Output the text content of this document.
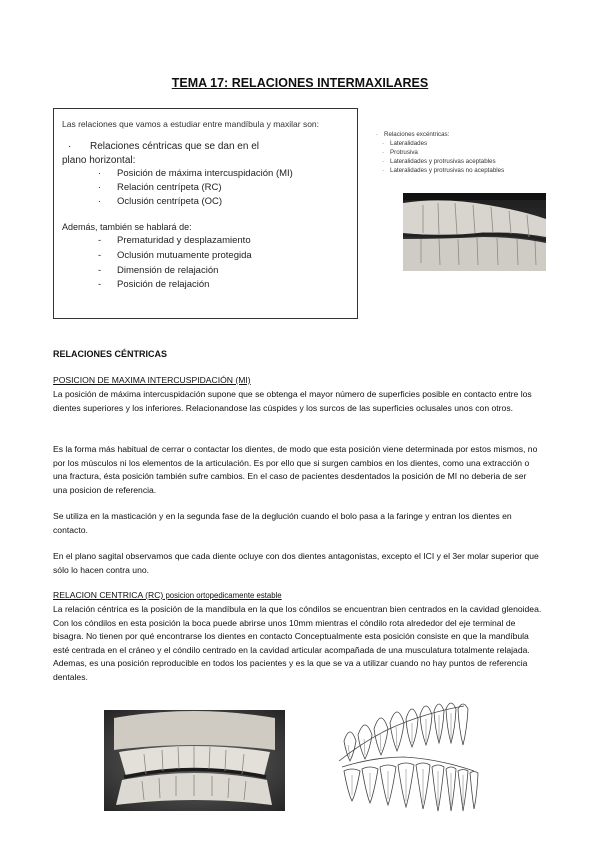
TEMA 17: RELACIONES INTERMAXILARES
Las relaciones que vamos a estudiar entre mandíbula y maxilar son:
· Relaciones céntricas que se dan en el
plano horizontal:
· Posición de máxima intercuspidación (MI)
· Relación centrípeta (RC)
· Oclusión centrípeta (OC)
Además, también se hablará de:
- Prematuridad y desplazamiento
- Oclusión mutuamente protegida
- Dimensión de relajación
- Posición de relajación
· Relaciones excéntricas:
· Lateralidades
· Protrusiva
· Lateralidades y protrusivas aceptables
· Lateralidades y protrusivas no aceptables
RELACIONES CÉNTRICAS
POSICION DE MAXIMA INTERCUSPIDACIÓN (MI)
La posición de máxima intercuspidación supone que se obtenga el mayor número de superficies posible en contacto entre los dientes superiores y los inferiores. Relacionandose las cúspides y los surcos de las superficies oclusales unos con otros.
Es la forma más habitual de cerrar o contactar los dientes, de modo que esta posición viene determinada por estos mismos, no por los músculos ni los elementos de la articulación. Es por ello que si surgen cambios en los dientes, como una extracción o una fractura, ésta posición también sufre cambios. En el caso de pacientes desdentados la posición de MI no deberia de ser una posicion de referencia.
Se utiliza en la masticación y en la segunda fase de la deglución cuando el bolo pasa a la faringe y entran los dientes en contacto.
En el plano sagital observamos que cada diente ocluye con dos dientes antagonistas, excepto el ICI y el 3er molar superior que sólo lo hacen contra uno.
RELACION CENTRICA (RC) posicion ortopedicamente estable
La relación céntrica es la posición de la mandíbula en la que los cóndilos se encuentran bien centrados en la cavidad glenoidea. Con los cóndilos en esta posición la boca puede abrirse unos 10mm mientras el cóndilo rota alrededor del eje terminal de bisagra. No tienen por qué encontrarse los dientes en contacto Conceptualmente esta posición consiste en que la mandíbula esté centrada en el cráneo y el cóndilo centrado en la cavidad articular acompañada de una musculatura totalmente relajada. Ademas, es una posición reproducible en todos los pacientes y es la que se va a utilizar cuando no hay puntos de referencia dentales.
